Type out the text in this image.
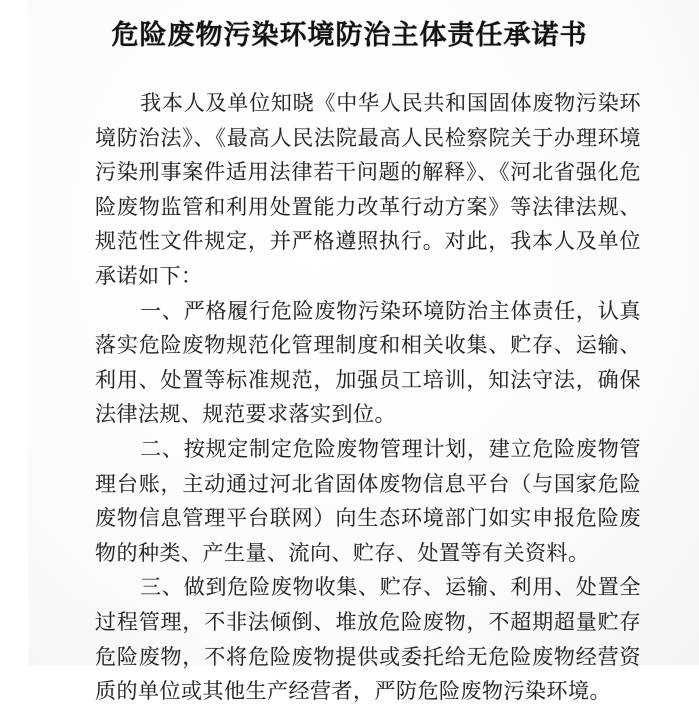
危险废物污染环境防治主体责任承诺书

我本人及单位知晓《中华人民共和国固体废物污染环境防治法》、《最高人民法院最高人民检察院关于办理环境污染刑事案件适用法律若干问题的解释》、《河北省强化危险废物监管和利用处置能力改革行动方案》等法律法规、规范性文件规定，并严格遵照执行。对此，我本人及单位承诺如下：

一、严格履行危险废物污染环境防治主体责任，认真落实危险废物规范化管理制度和相关收集、贮存、运输、利用、处置等标准规范，加强员工培训，知法守法，确保法律法规、规范要求落实到位。

二、按规定制定危险废物管理计划，建立危险废物管理台账，主动通过河北省固体废物信息平台（与国家危险废物信息管理平台联网）向生态环境部门如实申报危险废物的种类、产生量、流向、贮存、处置等有关资料。

三、做到危险废物收集、贮存、运输、利用、处置全过程管理，不非法倾倒、堆放危险废物，不超期超量贮存危险废物，不将危险废物提供或委托给无危险废物经营资质的单位或其他生产经营者，严防危险废物污染环境。
